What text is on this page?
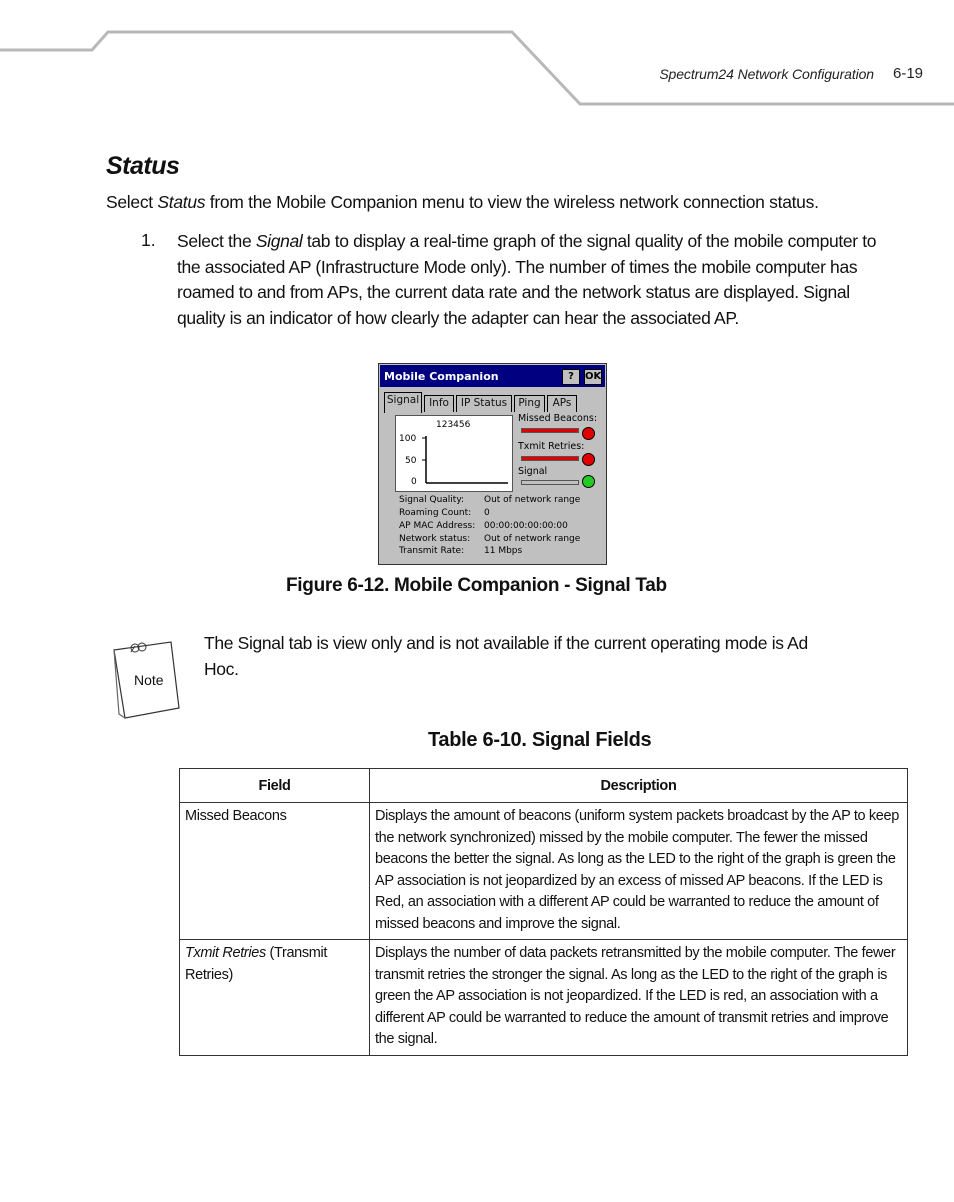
Spectrum24 Network Configuration 6-19
Status
Select Status from the Mobile Companion menu to view the wireless network connection status.
1. Select the Signal tab to display a real-time graph of the signal quality of the mobile computer to the associated AP (Infrastructure Mode only). The number of times the mobile computer has roamed to and from APs, the current data rate and the network status are displayed. Signal quality is an indicator of how clearly the adapter can hear the associated AP.
Mobile Companion	?	OK
Signal Info	IP Status	Ping	APs
123456
100
50
0
Missed Beacons:
Txmit Retries:
Signal
Signal Quality: Out of network range
Roaming Count: 0
AP MAC Address: 00:00:00:00:00:00
Network status: Out of network range
Transmit Rate: 11 Mbps
Figure 6-12. Mobile Companion - Signal Tab
Note
The Signal tab is view only and is not available if the current operating mode is Ad Hoc.
Table 6-10. Signal Fields
Field	Description
Missed Beacons	Displays the amount of beacons (uniform system packets broadcast by the AP to keep the network synchronized) missed by the mobile computer. The fewer the missed beacons the better the signal. As long as the LED to the right of the graph is green the AP association is not jeopardized by an excess of missed AP beacons. If the LED is Red, an association with a different AP could be warranted to reduce the amount of missed beacons and improve the signal.
Txmit Retries (Transmit Retries)	Displays the number of data packets retransmitted by the mobile computer. The fewer transmit retries the stronger the signal. As long as the LED to the right of the graph is green the AP association is not jeopardized. If the LED is red, an association with a different AP could be warranted to reduce the amount of transmit retries and improve the signal.
